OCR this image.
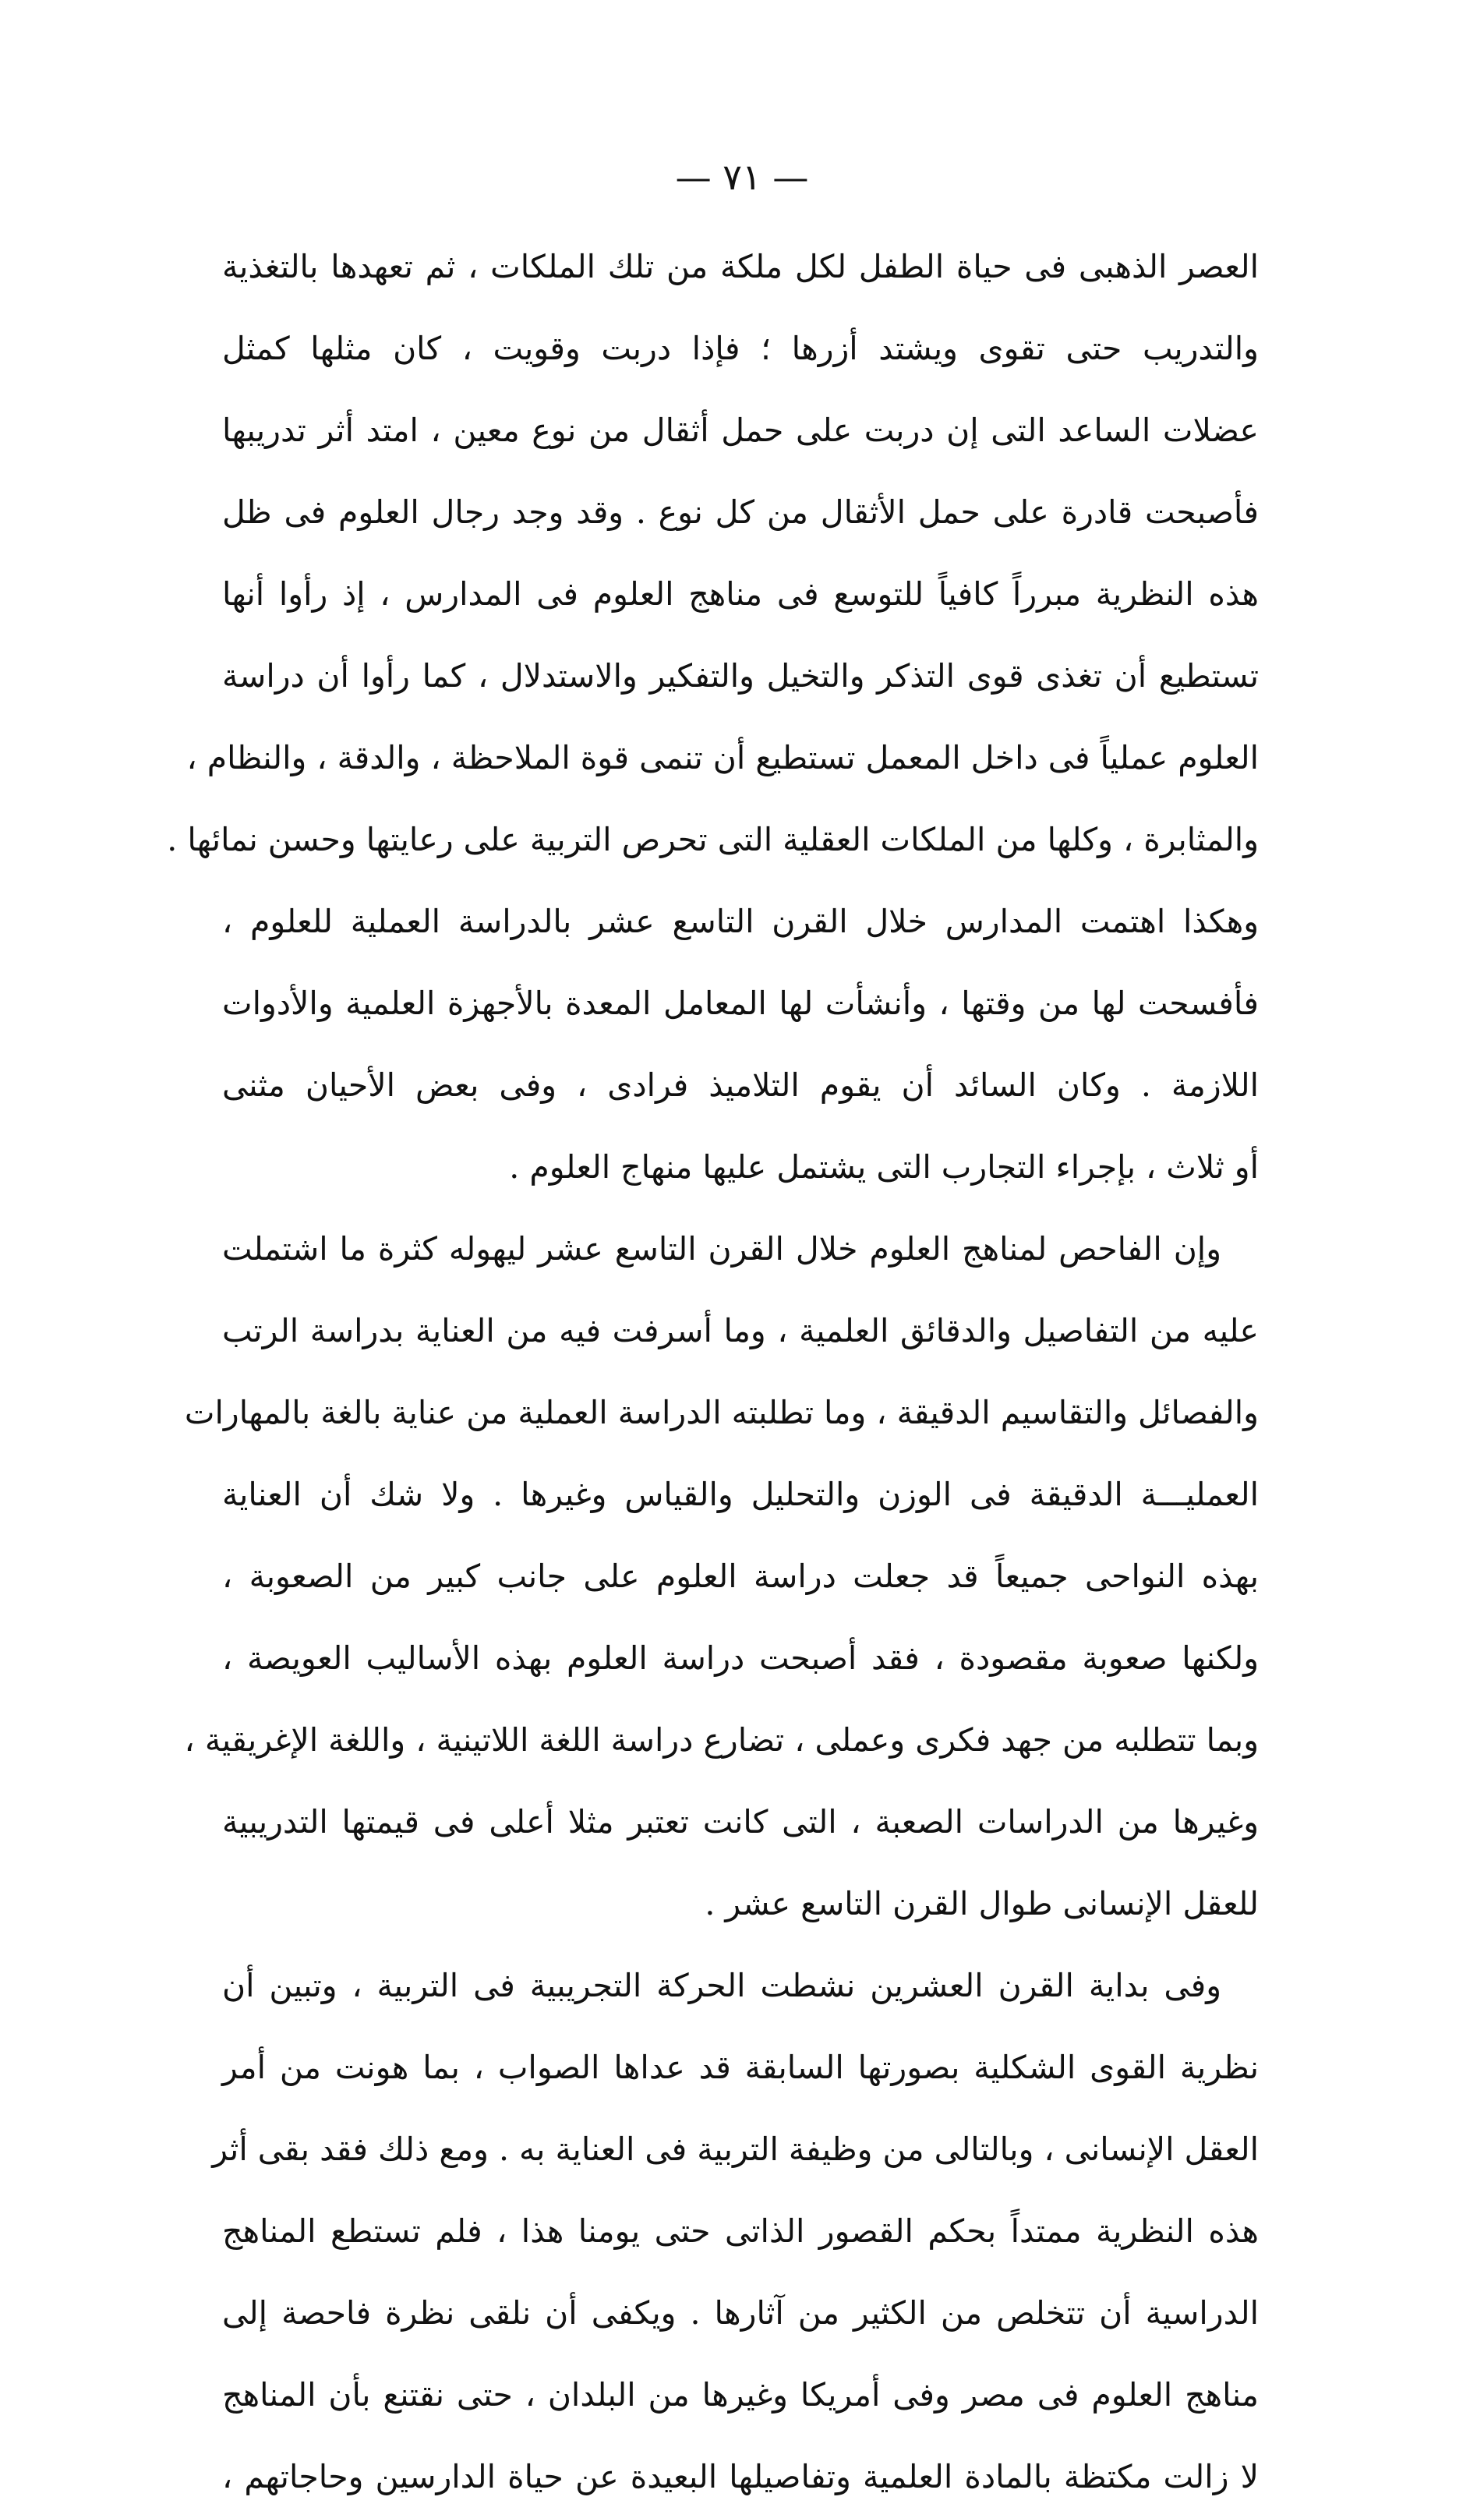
— ٧١ —
العصر الذهبى فى حياة الطفل لكل ملكة من تلك الملكات ، ثم تعهدها بالتغذية
والتدريب حتى تقوى ويشتد أزرها ؛ فإذا دربت وقويت ، كان مثلها كمثل
عضلات الساعد التى إن دربت على حمل أثقال من نوع معين ، امتد أثر تدريبها
فأصبحت قادرة على حمل الأثقال من كل نوع . وقد وجد رجال العلوم فى ظل
هذه النظرية مبرراً كافياً للتوسع فى مناهج العلوم فى المدارس ، إذ رأوا أنها
تستطيع أن تغذى قوى التذكر والتخيل والتفكير والاستدلال ، كما رأوا أن دراسة
العلوم عملياً فى داخل المعمل تستطيع أن تنمى قوة الملاحظة ، والدقة ، والنظام ،
والمثابرة ، وكلها من الملكات العقلية التى تحرص التربية على رعايتها وحسن نمائها .
وهكذا اهتمت المدارس خلال القرن التاسع عشر بالدراسة العملية للعلوم ،
فأفسحت لها من وقتها ، وأنشأت لها المعامل المعدة بالأجهزة العلمية والأدوات
اللازمة . وكان السائد أن يقوم التلاميذ فرادى ، وفى بعض الأحيان مثنى
أو ثلاث ، بإجراء التجارب التى يشتمل عليها منهاج العلوم .
وإن الفاحص لمناهج العلوم خلال القرن التاسع عشر ليهوله كثرة ما اشتملت
عليه من التفاصيل والدقائق العلمية ، وما أسرفت فيه من العناية بدراسة الرتب
والفصائل والتقاسيم الدقيقة ، وما تطلبته الدراسة العملية من عناية بالغة بالمهارات
العمليـــة الدقيقة فى الوزن والتحليل والقياس وغيرها . ولا شك أن العناية
بهذه النواحى جميعاً قد جعلت دراسة العلوم على جانب كبير من الصعوبة ،
ولكنها صعوبة مقصودة ، فقد أصبحت دراسة العلوم بهذه الأساليب العويصة ،
وبما تتطلبه من جهد فكرى وعملى ، تضارع دراسة اللغة اللاتينية ، واللغة الإغريقية ،
وغيرها من الدراسات الصعبة ، التى كانت تعتبر مثلا أعلى فى قيمتها التدريبية
للعقل الإنسانى طوال القرن التاسع عشر .
وفى بداية القرن العشرين نشطت الحركة التجريبية فى التربية ، وتبين أن
نظرية القوى الشكلية بصورتها السابقة قد عداها الصواب ، بما هونت من أمر
العقل الإنسانى ، وبالتالى من وظيفة التربية فى العناية به . ومع ذلك فقد بقى أثر
هذه النظرية ممتداً بحكم القصور الذاتى حتى يومنا هذا ، فلم تستطع المناهج
الدراسية أن تتخلص من الكثير من آثارها . ويكفى أن نلقى نظرة فاحصة إلى
مناهج العلوم فى مصر وفى أمريكا وغيرها من البلدان ، حتى نقتنع بأن المناهج
لا زالت مكتظة بالمادة العلمية وتفاصيلها البعيدة عن حياة الدارسين وحاجاتهم ،
